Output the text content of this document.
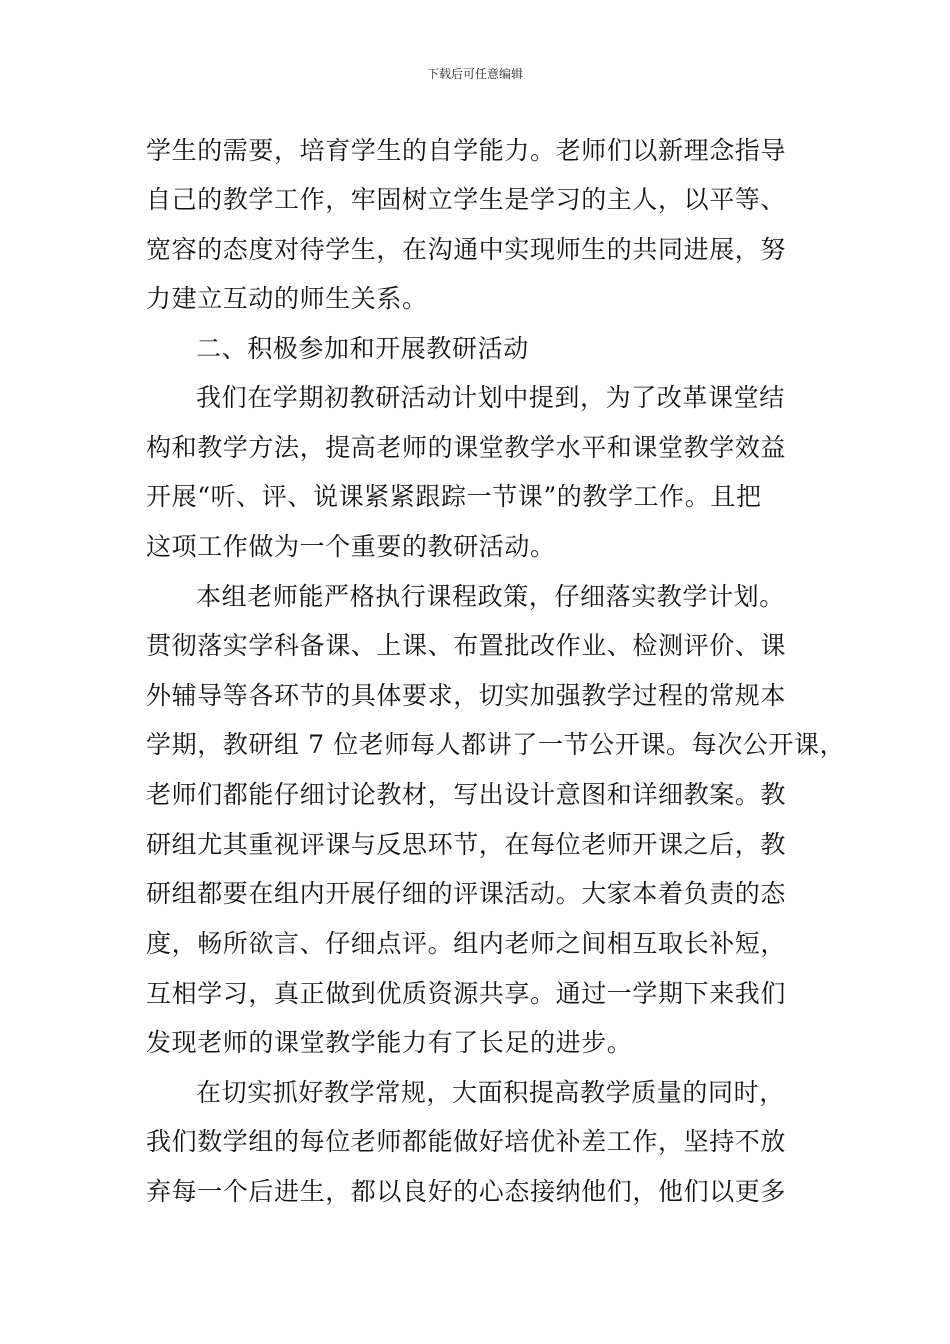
下载后可任意编辑
学生的需要，培育学生的自学能力。老师们以新理念指导
自己的教学工作，牢固树立学生是学习的主人，以平等、
宽容的态度对待学生，在沟通中实现师生的共同进展，努
力建立互动的师生关系。
二、积极参加和开展教研活动
我们在学期初教研活动计划中提到，为了改革课堂结
构和教学方法，提高老师的课堂教学水平和课堂教学效益
开展“听、评、说课紧紧跟踪一节课”的教学工作。且把
这项工作做为一个重要的教研活动。
本组老师能严格执行课程政策，仔细落实教学计划。
贯彻落实学科备课、上课、布置批改作业、检测评价、课
外辅导等各环节的具体要求，切实加强教学过程的常规本
学期，教研组 7 位老师每人都讲了一节公开课。每次公开课，
老师们都能仔细讨论教材，写出设计意图和详细教案。教
研组尤其重视评课与反思环节，在每位老师开课之后，教
研组都要在组内开展仔细的评课活动。大家本着负责的态
度，畅所欲言、仔细点评。组内老师之间相互取长补短，
互相学习，真正做到优质资源共享。通过一学期下来我们
发现老师的课堂教学能力有了长足的进步。
在切实抓好教学常规，大面积提高教学质量的同时，
我们数学组的每位老师都能做好培优补差工作，坚持不放
弃每一个后进生，都以良好的心态接纳他们，他们以更多
